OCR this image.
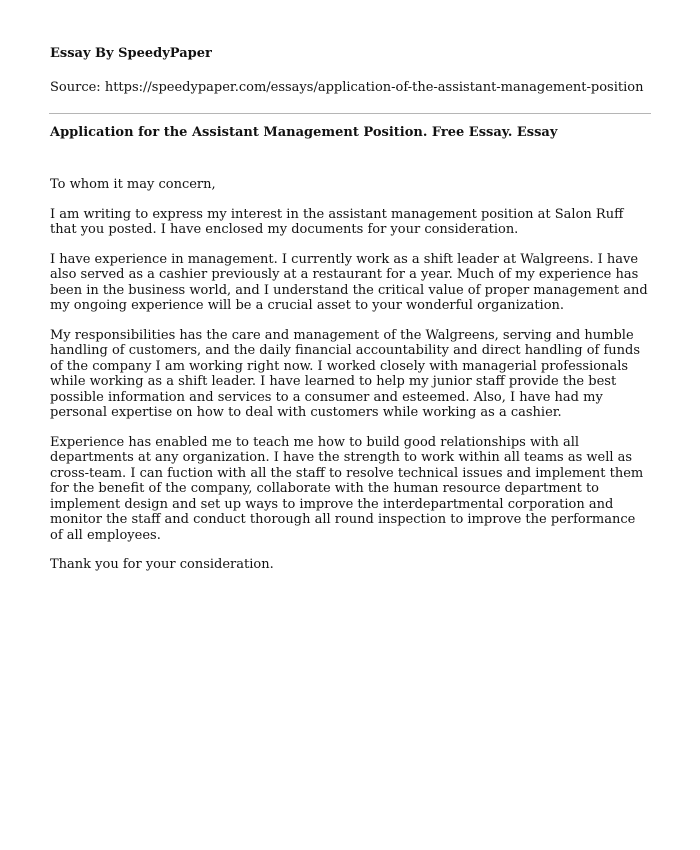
Essay By SpeedyPaper
Source: https://speedypaper.com/essays/application-of-the-assistant-management-position
Application for the Assistant Management Position. Free Essay. Essay

To whom it may concern,

I am writing to express my interest in the assistant management position at Salon Ruff that you posted. I have enclosed my documents for your consideration.

I have experience in management. I currently work as a shift leader at Walgreens. I have also served as a cashier previously at a restaurant for a year. Much of my experience has been in the business world, and I understand the critical value of proper management and my ongoing experience will be a crucial asset to your wonderful organization.

My responsibilities has the care and management of the Walgreens, serving and humble handling of customers, and the daily financial accountability and direct handling of funds of the company I am working right now. I worked closely with managerial professionals while working as a shift leader. I have learned to help my junior staff provide the best possible information and services to a consumer and esteemed. Also, I have had my personal expertise on how to deal with customers while working as a cashier.

Experience has enabled me to teach me how to build good relationships with all departments at any organization. I have the strength to work within all teams as well as cross-team. I can fuction with all the staff to resolve technical issues and implement them for the benefit of the company, collaborate with the human resource department to implement design and set up ways to improve the interdepartmental corporation and monitor the staff and conduct thorough all round inspection to improve the performance of all employees.

Thank you for your consideration.
